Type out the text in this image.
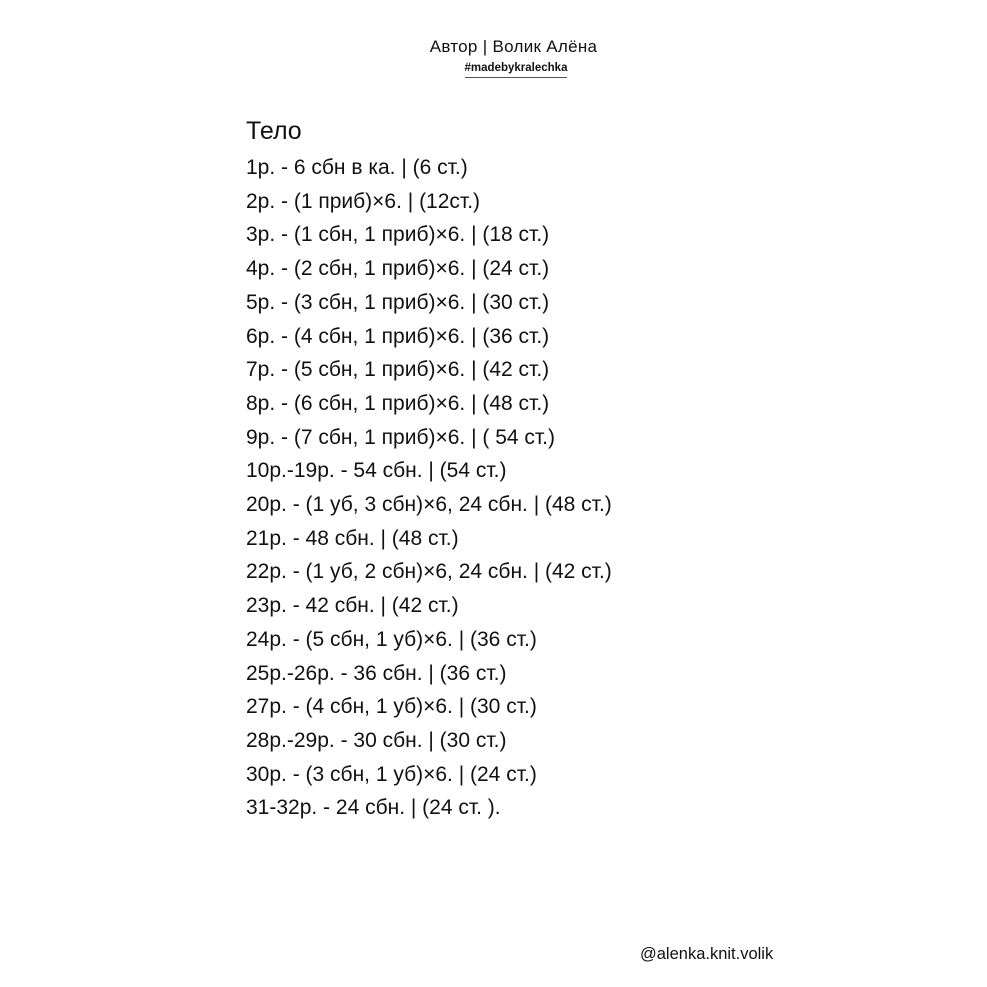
Автор | Волик Алёна
#madebykralechka
Тело
1р. - 6 сбн в ка. | (6 ст.)
2р. - (1 приб)×6. | (12ст.)
3р. - (1 сбн, 1 приб)×6. | (18 ст.)
4р. - (2 сбн, 1 приб)×6. | (24 ст.)
5р. - (3 сбн, 1 приб)×6. | (30 ст.)
6р. - (4 сбн, 1 приб)×6. | (36 ст.)
7р. - (5 сбн, 1 приб)×6. | (42 ст.)
8р. - (6 сбн, 1 приб)×6. | (48 ст.)
9р. - (7 сбн, 1 приб)×6. | ( 54 ст.)
10р.-19р. - 54 сбн. | (54 ст.)
20р. - (1 уб, 3 сбн)×6, 24 сбн. | (48 ст.)
21р. - 48 сбн. | (48 ст.)
22р. - (1 уб, 2 сбн)×6, 24 сбн. | (42 ст.)
23р. - 42 сбн. | (42 ст.)
24р. - (5 сбн, 1 уб)×6. | (36 ст.)
25р.-26р. - 36 сбн. | (36 ст.)
27р. - (4 сбн, 1 уб)×6. | (30 ст.)
28р.-29р. - 30 сбн. | (30 ст.)
30р. - (3 сбн, 1 уб)×6. | (24 ст.)
31-32р. - 24 сбн. | (24 ст. ).
@alenka.knit.volik
